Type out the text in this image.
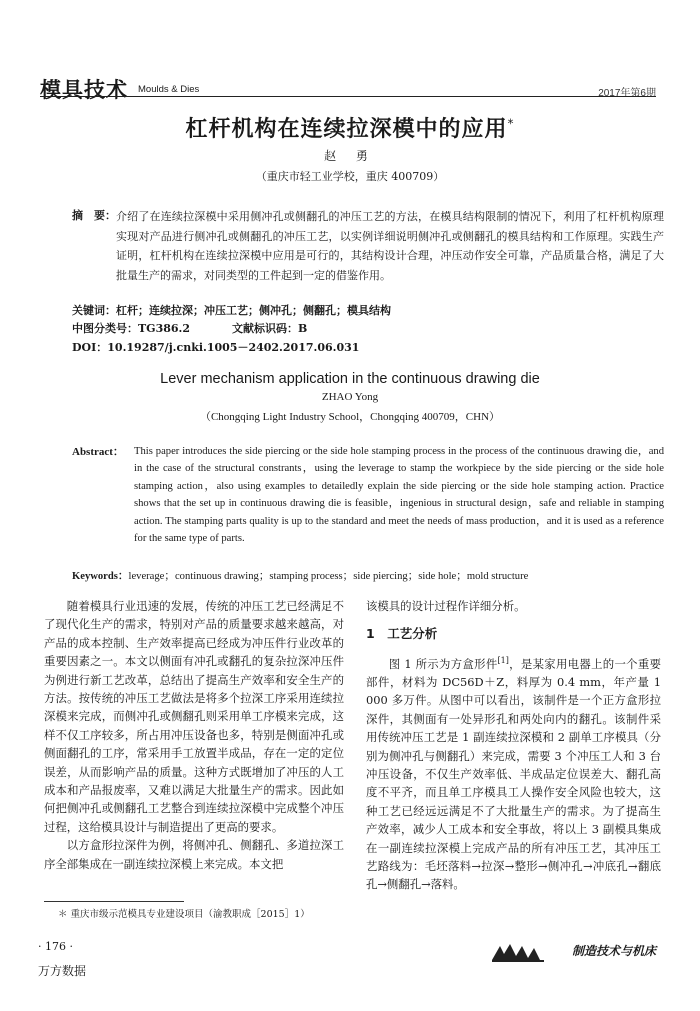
模具技术 Moulds & Dies	2017年第6期
杠杆机构在连续拉深模中的应用*
赵 勇
（重庆市轻工业学校，重庆 400709）
摘　要： 介绍了在连续拉深模中采用侧冲孔或侧翻孔的冲压工艺的方法，在模具结构限制的情况下，利用了杠杆机构原理实现对产品进行侧冲孔或侧翻孔的冲压工艺，以实例详细说明侧冲孔或侧翻孔的模具结构和工作原理。实践生产证明，杠杆机构在连续拉深模中应用是可行的，其结构设计合理，冲压动作安全可靠，产品质量合格，满足了大批量生产的需求，对同类型的工件起到一定的借鉴作用。
关键词：杠杆；连续拉深；冲压工艺；侧冲孔；侧翻孔；模具结构
中图分类号：TG386.2	文献标识码：B
DOI：10.19287/j.cnki.1005－2402.2017.06.031
Lever mechanism application in the continuous drawing die
ZHAO Yong
（Chongqing Light Industry School，Chongqing 400709，CHN）
Abstract： This paper introduces the side piercing or the side hole stamping process in the process of the continuous drawing die，and in the case of the structural constrants，using the leverage to stamp the workpiece by the side piercing or the side hole stamping action，also using examples to detailedly explain the side piercing or the side hole stamping action. Practice shows that the set up in continuous drawing die is feasible，ingenious in structural design，safe and reliable in stamping action. The stamping parts quality is up to the standard and meet the needs of mass production，and it is used as a reference for the same type of parts.
Keywords：leverage；continuous drawing；stamping process；side piercing；side hole；mold structure

随着模具行业迅速的发展，传统的冲压工艺已经满足不了现代化生产的需求，特别对产品的质量要求越来越高，对产品的成本控制、生产效率提高已经成为冲压件行业改革的重要因素之一。本文以侧面有冲孔或翻孔的复杂拉深冲压件为例进行新工艺改革，总结出了提高生产效率和安全生产的方法。按传统的冲压工艺做法是将多个拉深工序采用连续拉深模来完成，而侧冲孔或侧翻孔则采用单工序模来完成，这样不仅工序较多，所占用冲压设备也多，特别是侧面冲孔或侧面翻孔的工序，常采用手工放置半成品，存在一定的定位误差，从而影响产品的质量。这种方式既增加了冲压的人工成本和产品报废率，又难以满足大批量生产的需求。因此如何把侧冲孔或侧翻孔工艺整合到连续拉深模中完成整个冲压过程，这给模具设计与制造提出了更高的要求。

以方盒形拉深件为例，将侧冲孔、侧翻孔、多道拉深工序全部集成在一副连续拉深模上来完成。本文把

该模具的设计过程作详细分析。

1　工艺分析

图 1 所示为方盒形件[1]，是某家用电器上的一个重要部件，材料为 DC56D＋Z，料厚为 0.4 mm，年产量 1 000 多万件。从图中可以看出，该制件是一个正方盒形拉深件，其侧面有一处异形孔和两处向内的翻孔。该制件采用传统冲压工艺是 1 副连续拉深模和 2 副单工序模具（分别为侧冲孔与侧翻孔）来完成，需要 3 个冲压工人和 3 台冲压设备，不仅生产效率低、半成品定位误差大、翻孔高度不平齐，而且单工序模具工人操作安全风险也较大，这种工艺已经远远满足不了大批量生产的需求。为了提高生产效率，减少人工成本和安全事故，将以上 3 副模具集成在一副连续拉深模上完成产品的所有冲压工艺，其冲压工艺路线为：毛坯落料→拉深→整形→侧冲孔→冲底孔→翻底孔→侧翻孔→落料。

＊ 重庆市级示范模具专业建设项目（渝教职成［2015］1）
· 176 ·
万方数据
制造技术与机床
